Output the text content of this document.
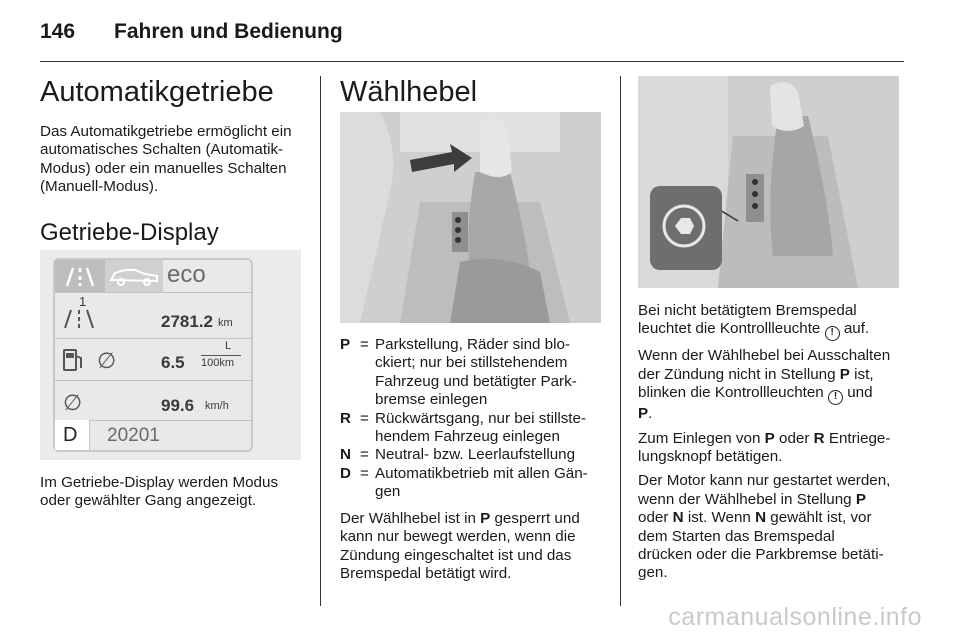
146 Fahren und Bedienung
Automatikgetriebe

Das Automatikgetriebe ermöglicht ein

automatisches Schalten (Automatik-

Modus) oder ein manuelles Schalten

(Manuell-Modus).

Getriebe-Display
eco
1
2781.2 km
∅	6.5
L
100km
∅	99.6 km/h
D 20201

Im Getriebe-Display werden Modus

oder gewählter Gang angezeigt.

Wählhebel
P = Parkstellung, Räder sind blo-
ckiert; nur bei stillstehendem
Fahrzeug und betätigter Park-
bremse einlegen
R = Rückwärtsgang, nur bei stillste-
hendem Fahrzeug einlegen
N = Neutral- bzw. Leerlaufstellung
D = Automatikbetrieb mit allen Gän-
gen

Der Wählhebel ist in P gesperrt und

kann nur bewegt werden, wenn die

Zündung eingeschaltet ist und das

Bremspedal betätigt wird.

Bei nicht betätigtem Bremspedal

leuchtet die Kontrollleuchte ! auf.

Wenn der Wählhebel bei Ausschalten

der Zündung nicht in Stellung P ist,

blinken die Kontrollleuchten ! und

P.

Zum Einlegen von P oder R Entriege-

lungsknopf betätigen.

Der Motor kann nur gestartet werden,

wenn der Wählhebel in Stellung P

oder N ist. Wenn N gewählt ist, vor

dem Starten das Bremspedal

drücken oder die Parkbremse betäti-

gen.

carmanualsonline.info
